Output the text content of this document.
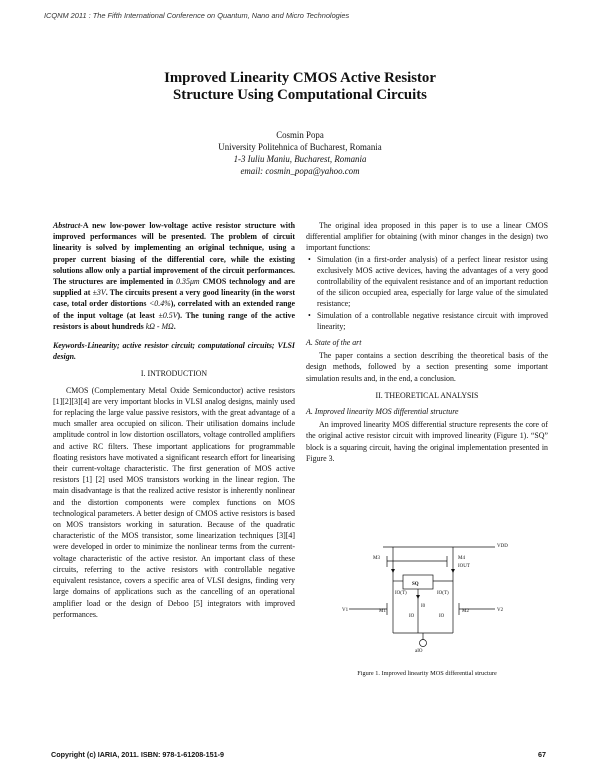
ICQNM 2011 : The Fifth International Conference on Quantum, Nano and Micro Technologies
Improved Linearity CMOS Active Resistor
Structure Using Computational Circuits
Cosmin Popa
University Politehnica of Bucharest, Romania
1-3 Iuliu Maniu, Bucharest, Romania
email: cosmin_popa@yahoo.com

Abstract-A new low-power low-voltage active resistor structure with improved performances will be presented. The problem of circuit linearity is solved by implementing an original technique, using a proper current biasing of the differential core, while the existing solutions allow only a partial improvement of the circuit performances. The structures are implemented in 0.35μm CMOS technology and are supplied at ±3V. The circuits present a very good linearity (in the worst case, total order distortions <0.4%), correlated with an extended range of the input voltage (at least ±0.5V). The tuning range of the active resistors is about hundreds kΩ - MΩ.

Keywords-Linearity; active resistor circuit; computational circuits; VLSI design.

I. INTRODUCTION

CMOS (Complementary Metal Oxide Semiconductor) active resistors [1][2][3][4] are very important blocks in VLSI analog designs, mainly used for replacing the large value passive resistors, with the great advantage of a much smaller area occupied on silicon. Their utilisation domains include amplitude control in low distortion oscillators, voltage controlled amplifiers and active RC filters. These important applications for programmable floating resistors have motivated a significant research effort for linearising their current-voltage characteristic. The first generation of MOS active resistors [1] [2] used MOS transistors working in the linear region. The main disadvantage is that the realized active resistor is inherently nonlinear and the distortion components were complex functions on MOS technological parameters. A better design of CMOS active resistors is based on MOS transistors working in saturation. Because of the quadratic characteristic of the MOS transistor, some linearization techniques [3][4] were developed in order to minimize the nonlinear terms from the current-voltage characteristic of the active resistor. An important class of these circuits, referring to the active resistors with controllable negative equivalent resistance, covers a specific area of VLSI designs, finding very large domains of applications such as the cancelling of an operational amplifier load or the design of Deboo [5] integrators with improved performances.

The original idea proposed in this paper is to use a linear CMOS differential amplifier for obtaining (with minor changes in the design) two important functions:

• Simulation (in a first-order analysis) of a perfect linear resistor using exclusively MOS active devices, having the advantages of a very good controllability of the equivalent resistance and of an important reduction of the silicon occupied area, especially for large value of the simulated resistance;
• Simulation of a controllable negative resistance circuit with improved linearity;
A. State of the art

The paper contains a section describing the theoretical basis of the design methods, followed by a section presenting some important simulation results and, in the end, a conclusion.

II. THEORETICAL ANALYSIS
A. Improved linearity MOS differential structure

An improved linearity MOS differential structure represents the core of the original active resistor circuit with improved linearity (Figure 1). “SQ” block is a squaring circuit, having the original implementation presented in Figure 3.

VDD
M3	M4
IOUT
SQ
IO(T)	IO(T)
I0
M1	M2
IO	IO
V1	V2
aIO
Figure 1. Improved linearity MOS differential structure
Copyright (c) IARIA, 2011. ISBN: 978-1-61208-151-9	67
